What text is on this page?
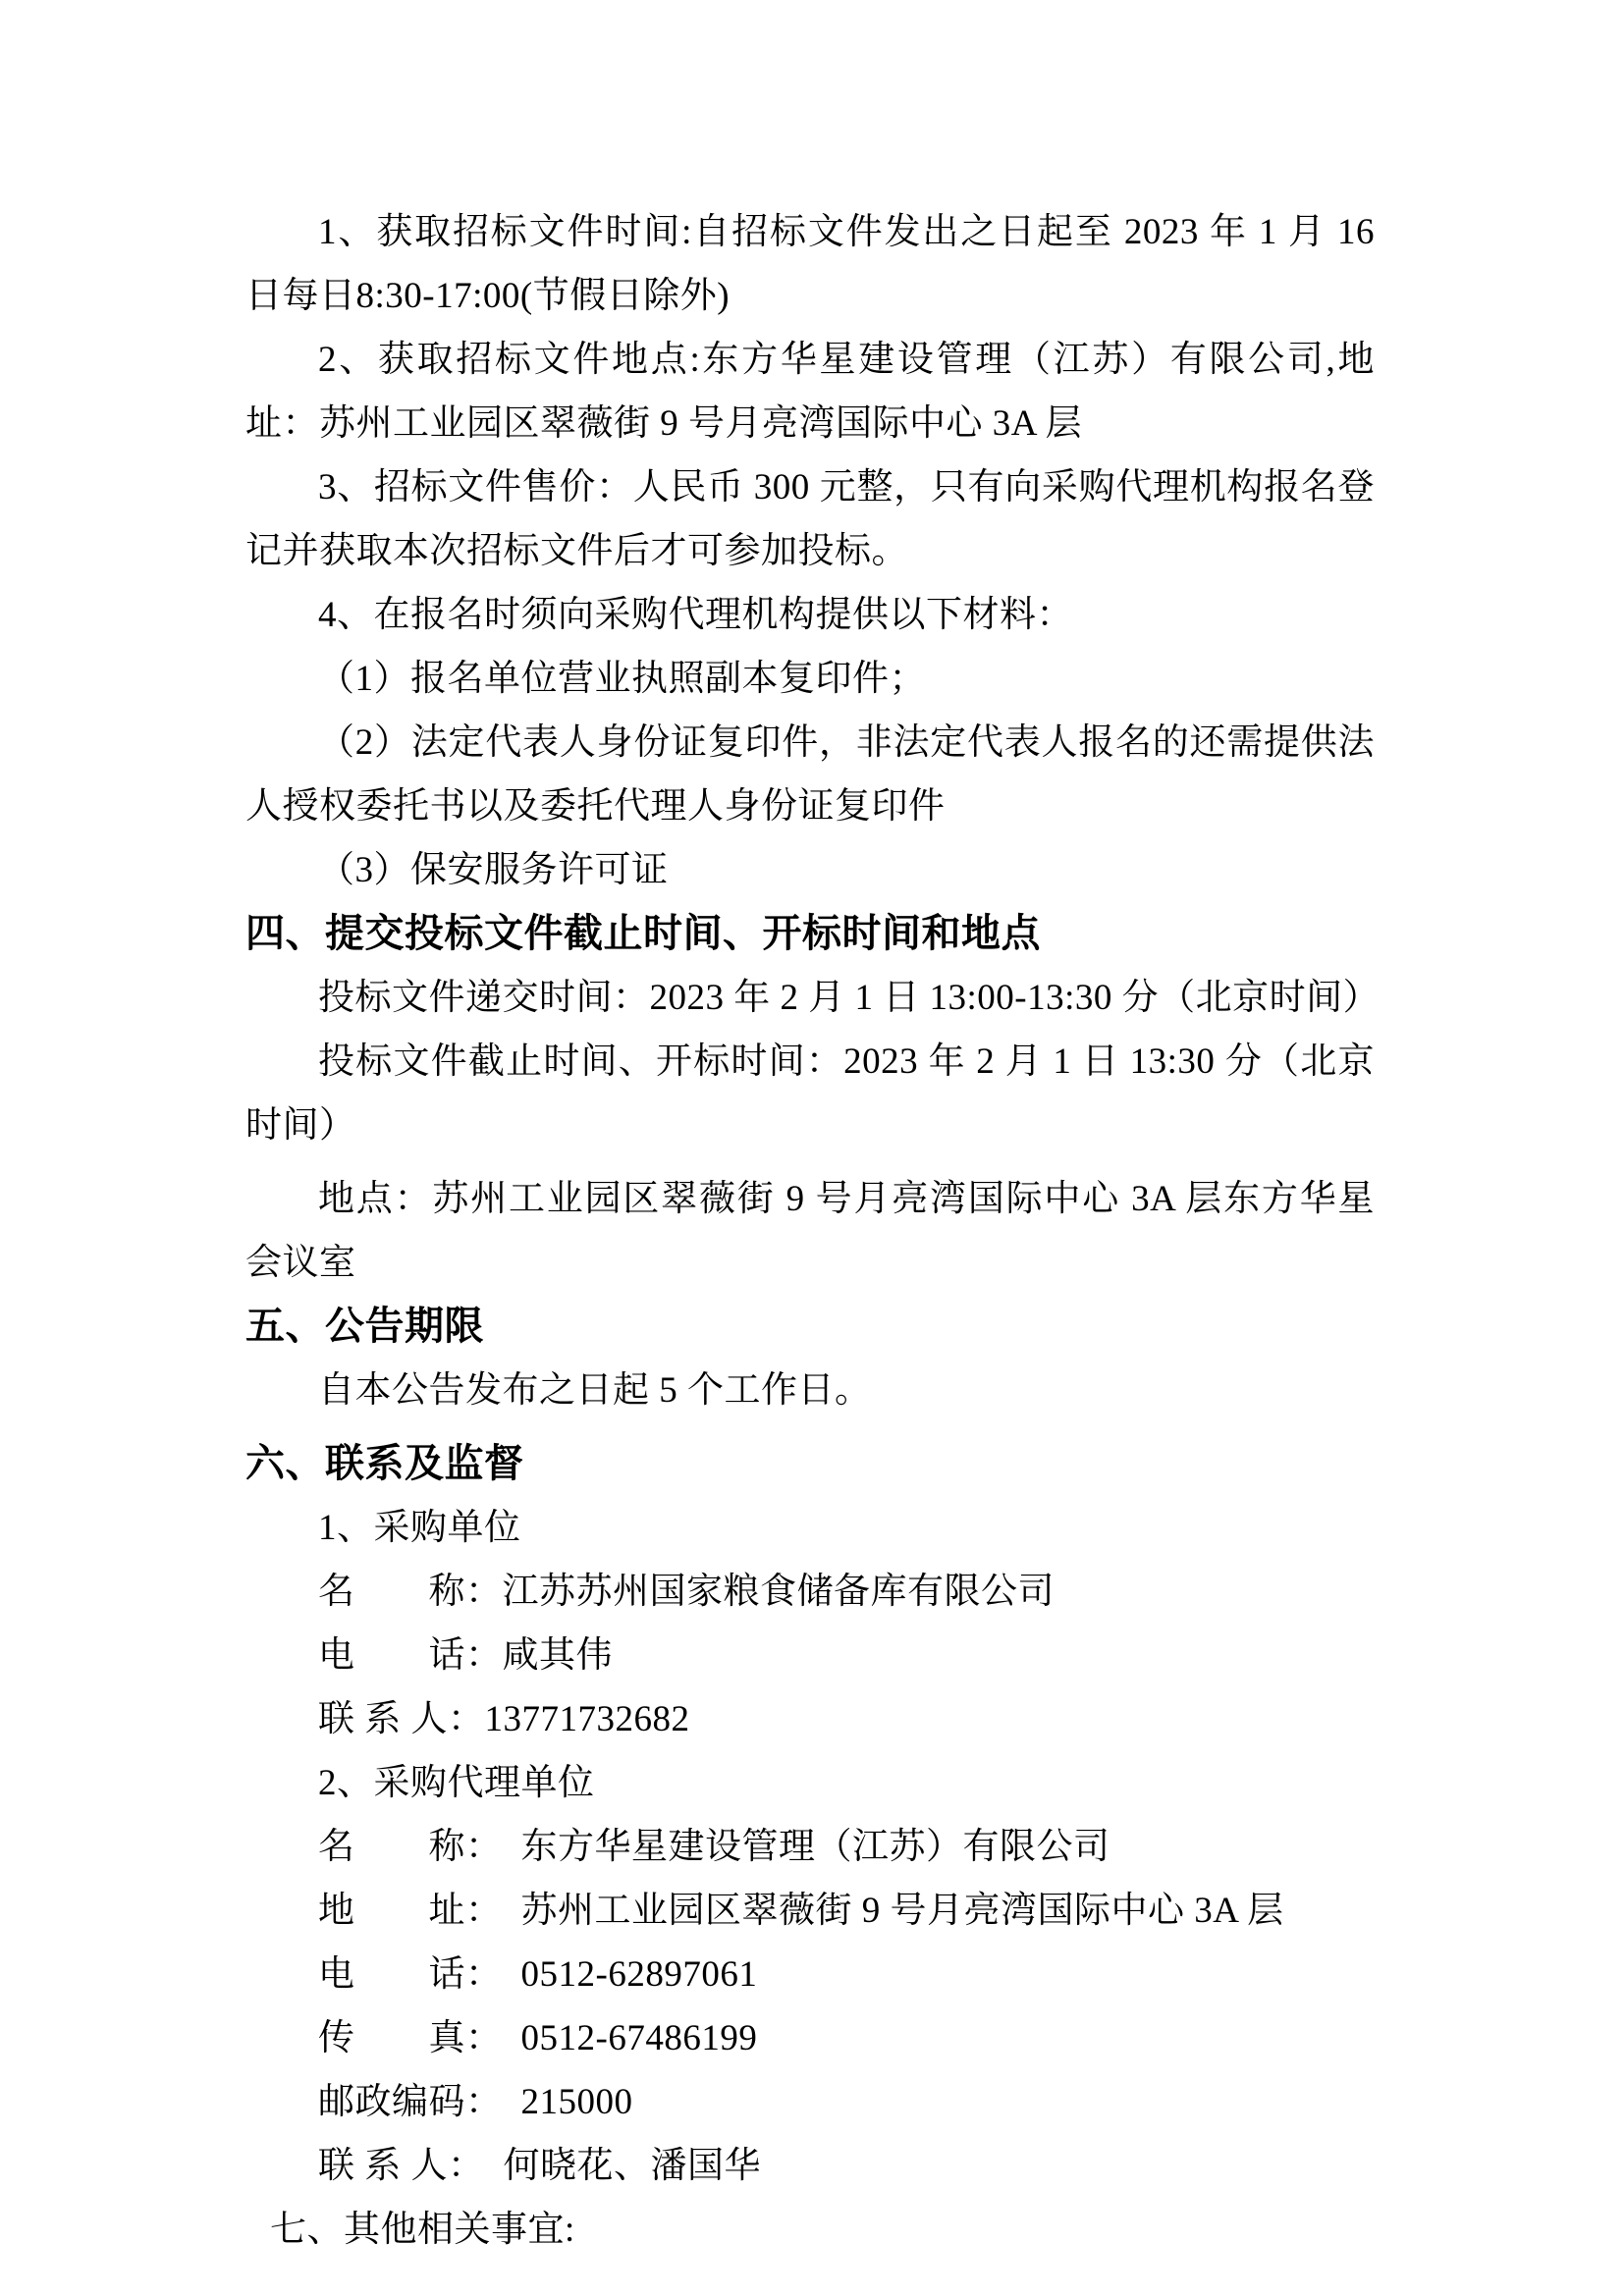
1、获取招标文件时间:自招标文件发出之日起至 2023 年 1 月 16 日每日8:30-17:00(节假日除外)

2、获取招标文件地点:东方华星建设管理（江苏）有限公司,地址：苏州工业园区翠薇街 9 号月亮湾国际中心 3A 层

3、招标文件售价：人民币 300 元整，只有向采购代理机构报名登记并获取本次招标文件后才可参加投标。

4、在报名时须向采购代理机构提供以下材料：

（1）报名单位营业执照副本复印件；

（2）法定代表人身份证复印件，非法定代表人报名的还需提供法人授权委托书以及委托代理人身份证复印件

（3）保安服务许可证

四、提交投标文件截止时间、开标时间和地点

投标文件递交时间：2023 年 2 月 1 日 13:00-13:30 分（北京时间）

投标文件截止时间、开标时间：2023 年 2 月 1 日 13:30 分（北京时间）

地点：苏州工业园区翠薇街 9 号月亮湾国际中心 3A 层东方华星会议室

五、公告期限

自本公告发布之日起 5 个工作日。

六、联系及监督

1、采购单位

名　　称：江苏苏州国家粮食储备库有限公司

电　　话：咸其伟

联 系 人：13771732682

2、采购代理单位

名　　称：　东方华星建设管理（江苏）有限公司

地　　址：　苏州工业园区翠薇街 9 号月亮湾国际中心 3A 层

电　　话：　0512-62897061

传　　真：　0512-67486199

邮政编码：　215000

联 系 人：　何晓花、潘国华

七、其他相关事宜:
